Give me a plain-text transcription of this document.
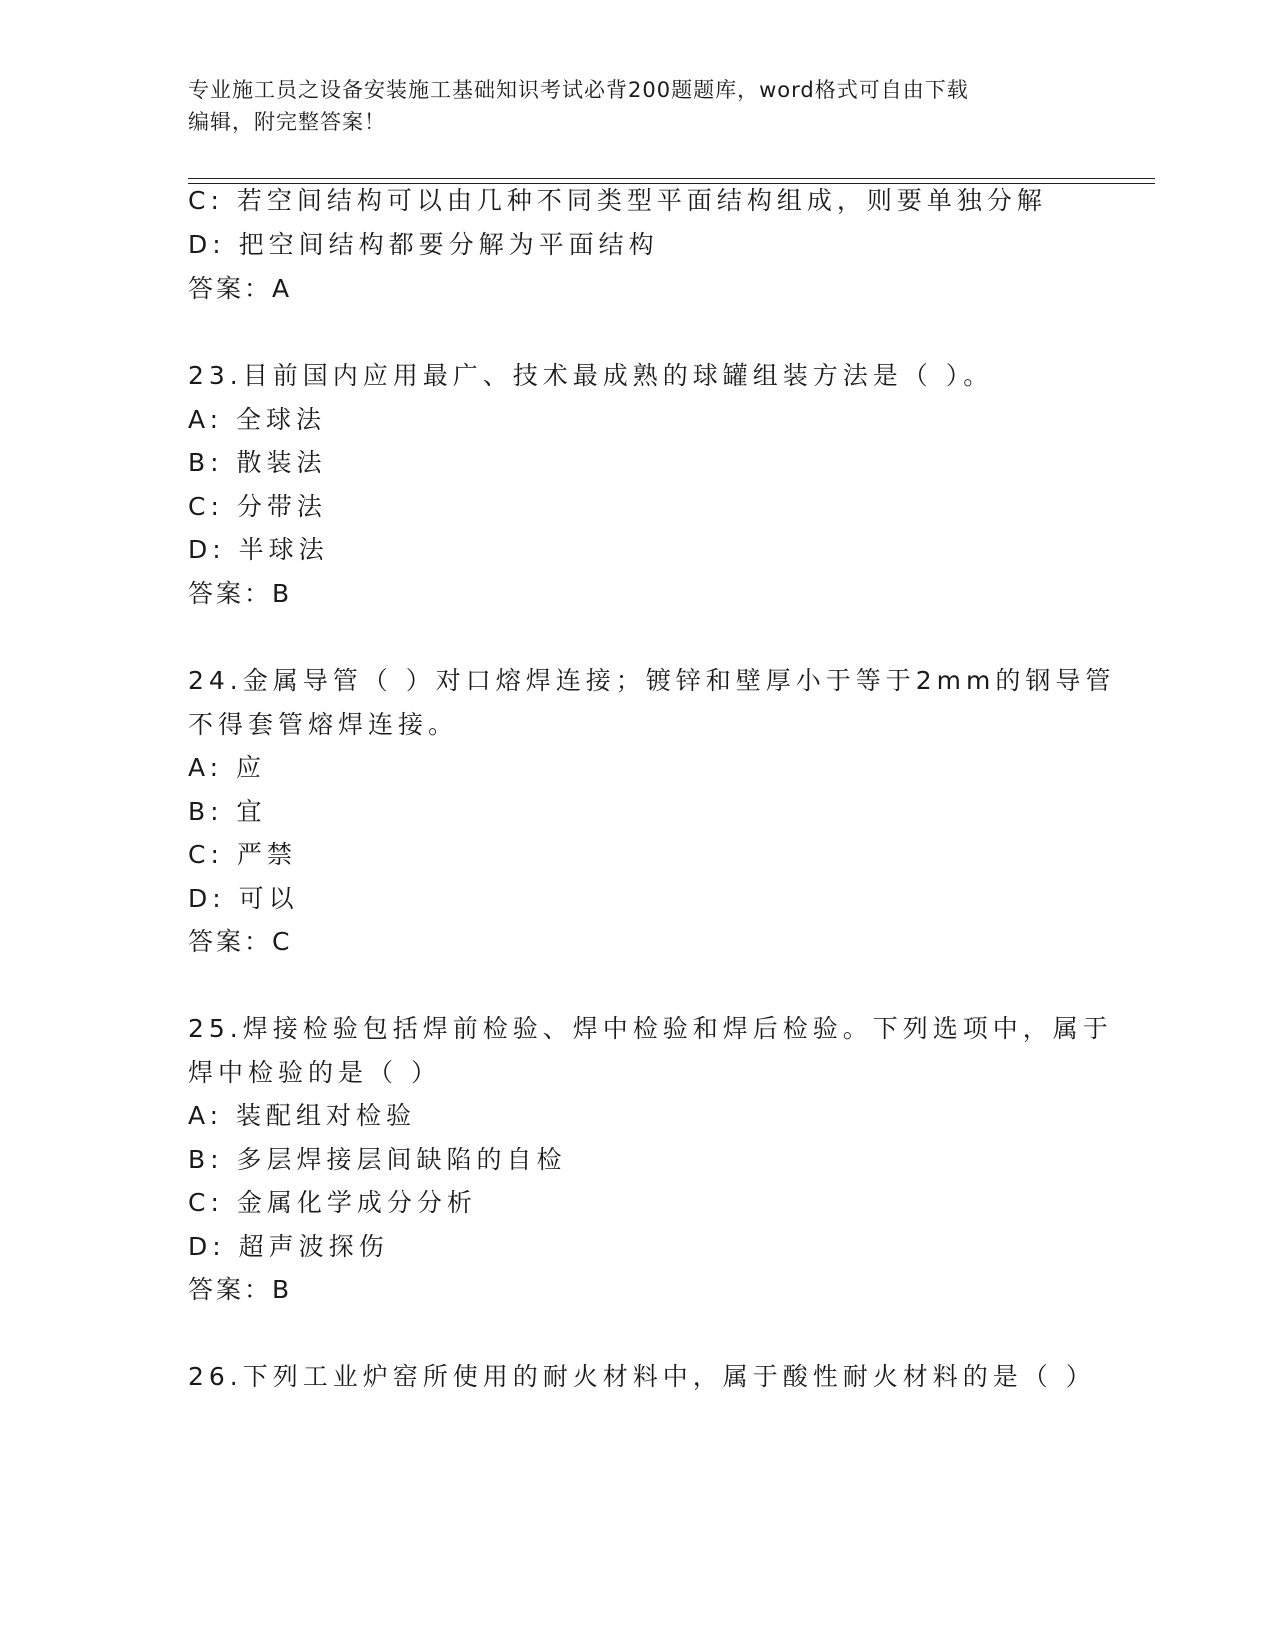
专业施工员之设备安装施工基础知识考试必背200题题库，word格式可自由下载
编辑，附完整答案！
C: 若空间结构可以由几种不同类型平面结构组成，则要单独分解
D: 把空间结构都要分解为平面结构
答案：A
23.目前国内应用最广、技术最成熟的球罐组装方法是（ ）。
A: 全球法
B: 散装法
C: 分带法
D: 半球法
答案：B
24.金属导管（ ）对口熔焊连接；镀锌和壁厚小于等于2mm的钢导管
不得套管熔焊连接。
A: 应
B: 宜
C: 严禁
D: 可以
答案：C
25.焊接检验包括焊前检验、焊中检验和焊后检验。下列选项中，属于
焊中检验的是（ ）
A: 装配组对检验
B: 多层焊接层间缺陷的自检
C: 金属化学成分分析
D: 超声波探伤
答案：B
26.下列工业炉窑所使用的耐火材料中，属于酸性耐火材料的是（ ）
